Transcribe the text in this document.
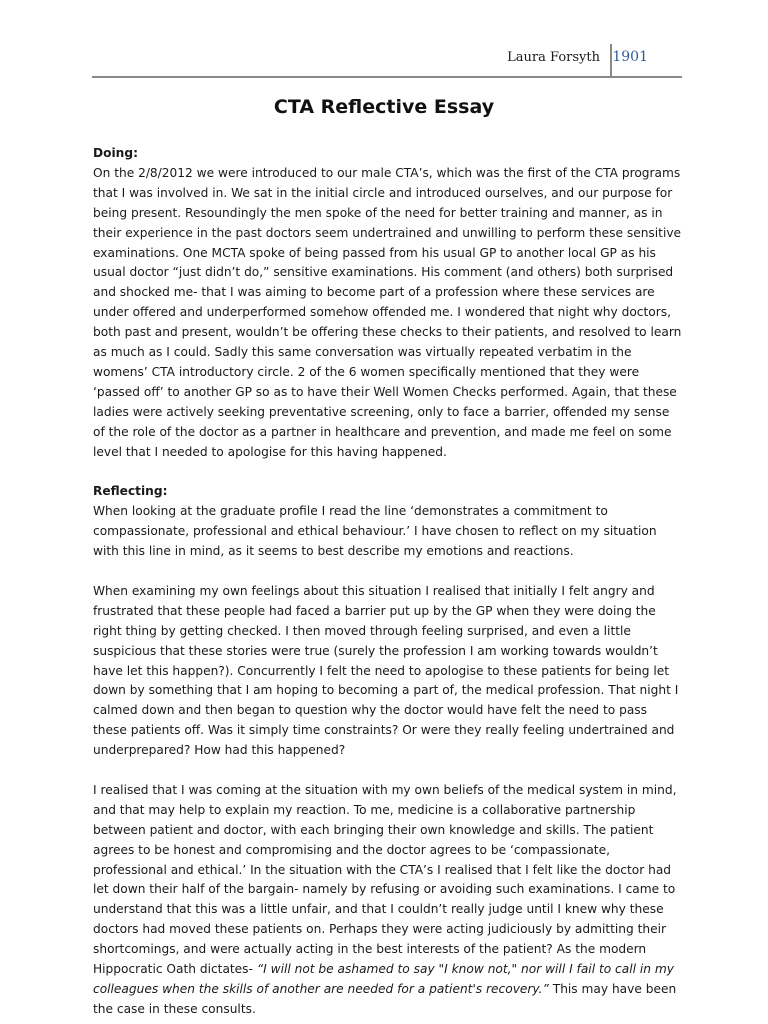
Laura Forsyth 1901
CTA Reflective Essay

Doing:

On the 2/8/2012 we were introduced to our male CTA’s, which was the first of the CTA programs that I was involved in. We sat in the initial circle and introduced ourselves, and our purpose for being present. Resoundingly the men spoke of the need for better training and manner, as in their experience in the past doctors seem undertrained and unwilling to perform these sensitive examinations. One MCTA spoke of being passed from his usual GP to another local GP as his usual doctor “just didn’t do,” sensitive examinations. His comment (and others) both surprised and shocked me- that I was aiming to become part of a profession where these services are under offered and underperformed somehow offended me. I wondered that night why doctors, both past and present, wouldn’t be offering these checks to their patients, and resolved to learn as much as I could. Sadly this same conversation was virtually repeated verbatim in the womens’ CTA introductory circle. 2 of the 6 women specifically mentioned that they were ‘passed off’ to another GP so as to have their Well Women Checks performed. Again, that these ladies were actively seeking preventative screening, only to face a barrier, offended my sense of the role of the doctor as a partner in healthcare and prevention, and made me feel on some level that I needed to apologise for this having happened.

Reflecting:

When looking at the graduate profile I read the line ‘demonstrates a commitment to compassionate, professional and ethical behaviour.’ I have chosen to reflect on my situation with this line in mind, as it seems to best describe my emotions and reactions.

When examining my own feelings about this situation I realised that initially I felt angry and frustrated that these people had faced a barrier put up by the GP when they were doing the right thing by getting checked. I then moved through feeling surprised, and even a little suspicious that these stories were true (surely the profession I am working towards wouldn’t have let this happen?). Concurrently I felt the need to apologise to these patients for being let down by something that I am hoping to becoming a part of, the medical profession. That night I calmed down and then began to question why the doctor would have felt the need to pass these patients off. Was it simply time constraints? Or were they really feeling undertrained and underprepared? How had this happened?

I realised that I was coming at the situation with my own beliefs of the medical system in mind, and that may help to explain my reaction. To me, medicine is a collaborative partnership between patient and doctor, with each bringing their own knowledge and skills. The patient agrees to be honest and compromising and the doctor agrees to be ‘compassionate, professional and ethical.’ In the situation with the CTA’s I realised that I felt like the doctor had let down their half of the bargain- namely by refusing or avoiding such examinations. I came to understand that this was a little unfair, and that I couldn’t really judge until I knew why these doctors had moved these patients on. Perhaps they were acting judiciously by admitting their shortcomings, and were actually acting in the best interests of the patient? As the modern Hippocratic Oath dictates- “I will not be ashamed to say "I know not," nor will I fail to call in my colleagues when the skills of another are needed for a patient's recovery.” This may have been the case in these consults.
